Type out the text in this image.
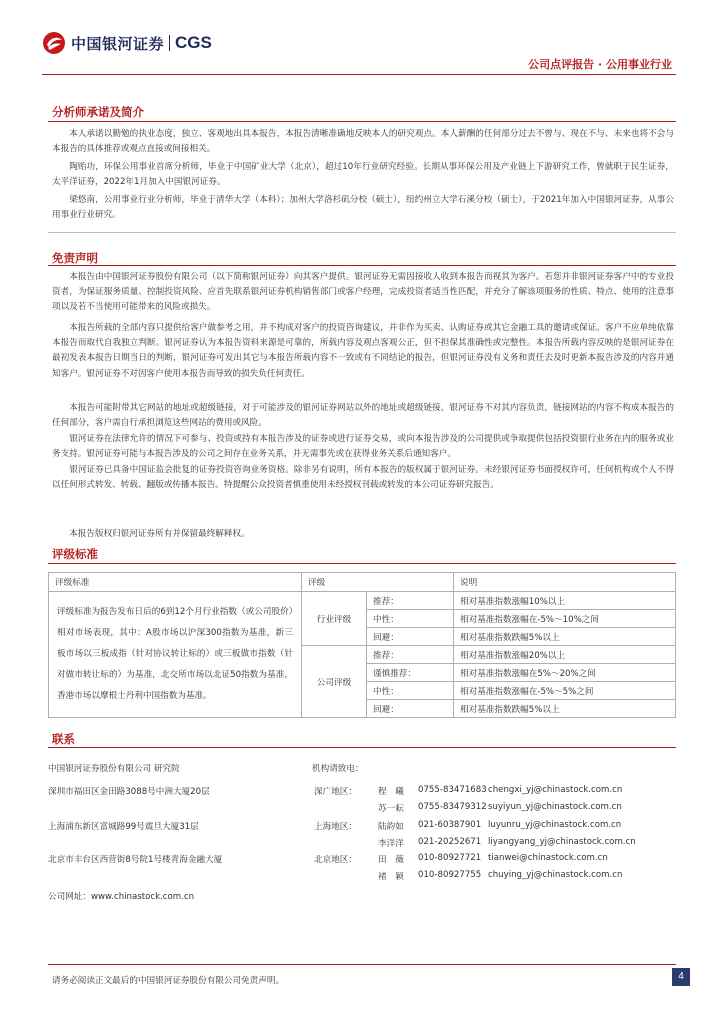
中国银河证券 CGS
公司点评报告 · 公用事业行业
分析师承诺及简介

本人承诺以勤勉的执业态度，独立、客观地出具本报告，本报告清晰准确地反映本人的研究观点。本人薪酬的任何部分过去不曾与、现在不与、未来也将不会与本报告的具体推荐或观点直接或间接相关。

陶贻功，环保公用事业首席分析师，毕业于中国矿业大学（北京），超过10年行业研究经验。长期从事环保公用及产业链上下游研究工作，曾就职于民生证券，太平洋证券，2022年1月加入中国银河证券。

梁悠南，公用事业行业分析师，毕业于清华大学（本科）；加州大学洛杉矶分校（硕士），纽约州立大学石溪分校（硕士），于2021年加入中国银河证券，从事公用事业行业研究。

免责声明

本报告由中国银河证券股份有限公司（以下简称银河证券）向其客户提供。银河证券无需因接收人收到本报告而视其为客户。若您并非银河证券客户中的专业投资者，为保证服务质量、控制投资风险、应首先联系银河证券机构销售部门或客户经理，完成投资者适当性匹配，并充分了解该项服务的性质、特点、使用的注意事项以及若不当使用可能带来的风险或损失。

本报告所载的全部内容只提供给客户做参考之用，并不构成对客户的投资咨询建议，并非作为买卖、认购证券或其它金融工具的邀请或保证。客户不应单纯依靠本报告而取代自我独立判断。银河证券认为本报告资料来源是可靠的，所载内容及观点客观公正，但不担保其准确性或完整性。本报告所载内容反映的是银河证券在最初发表本报告日期当日的判断，银河证券可发出其它与本报告所载内容不一致或有不同结论的报告，但银河证券没有义务和责任去及时更新本报告涉及的内容并通知客户。银河证券不对因客户使用本报告而导致的损失负任何责任。

本报告可能附带其它网站的地址或超级链接，对于可能涉及的银河证券网站以外的地址或超级链接，银河证券不对其内容负责，链接网站的内容不构成本报告的任何部分，客户需自行承担浏览这些网站的费用或风险。

银河证券在法律允许的情况下可参与、投资或持有本报告涉及的证券或进行证券交易，或向本报告涉及的公司提供或争取提供包括投资银行业务在内的服务或业务支持。银河证券可能与本报告涉及的公司之间存在业务关系，并无需事先或在获得业务关系后通知客户。

银河证券已具备中国证监会批复的证券投资咨询业务资格。除非另有说明，所有本报告的版权属于银河证券。未经银河证券书面授权许可，任何机构或个人不得以任何形式转发、转载、翻版或传播本报告。特提醒公众投资者慎重使用未经授权刊载或转发的本公司证券研究报告。

本报告版权归银河证券所有并保留最终解释权。

评级标准
评级标准	评级		说明
评级标准为报告发布日后的6到12个月行业指数（或公司股价）相对市场表现，其中：A股市场以沪深300指数为基准，新三板市场以三板成指（针对协议转让标的）或三板做市指数（针对做市转让标的）为基准，北交所市场以北证50指数为基准，香港市场以摩根士丹利中国指数为基准。	行业评级	推荐：	相对基准指数涨幅10%以上
		中性：	相对基准指数涨幅在-5%～10%之间
		回避：	相对基准指数跌幅5%以上
	公司评级	推荐：	相对基准指数涨幅20%以上
		谨慎推荐：	相对基准指数涨幅在5%～20%之间
		中性：	相对基准指数涨幅在-5%～5%之间
		回避：	相对基准指数跌幅5%以上
联系
中国银河证券股份有限公司 研究院	机构请致电：
深圳市福田区金田路3088号中洲大厦20层
上海浦东新区富城路99号震旦大厦31层
北京市丰台区西营街8号院1号楼青海金融大厦
公司网址：www.chinastock.com.cn
深广地区： 程　曦 0755-83471683 chengxi_yj@chinastock.com.cn
苏一耘 0755-83479312 suyiyun_yj@chinastock.com.cn
上海地区： 陆韵如 021-60387901 luyunru_yj@chinastock.com.cn
李洋洋 021-20252671 liyangyang_yj@chinastock.com.cn
北京地区： 田　薇 010-80927721 tianwei@chinastock.com.cn
褚　颖 010-80927755 chuying_yj@chinastock.com.cn
请务必阅读正文最后的中国银河证券股份有限公司免责声明。	4
